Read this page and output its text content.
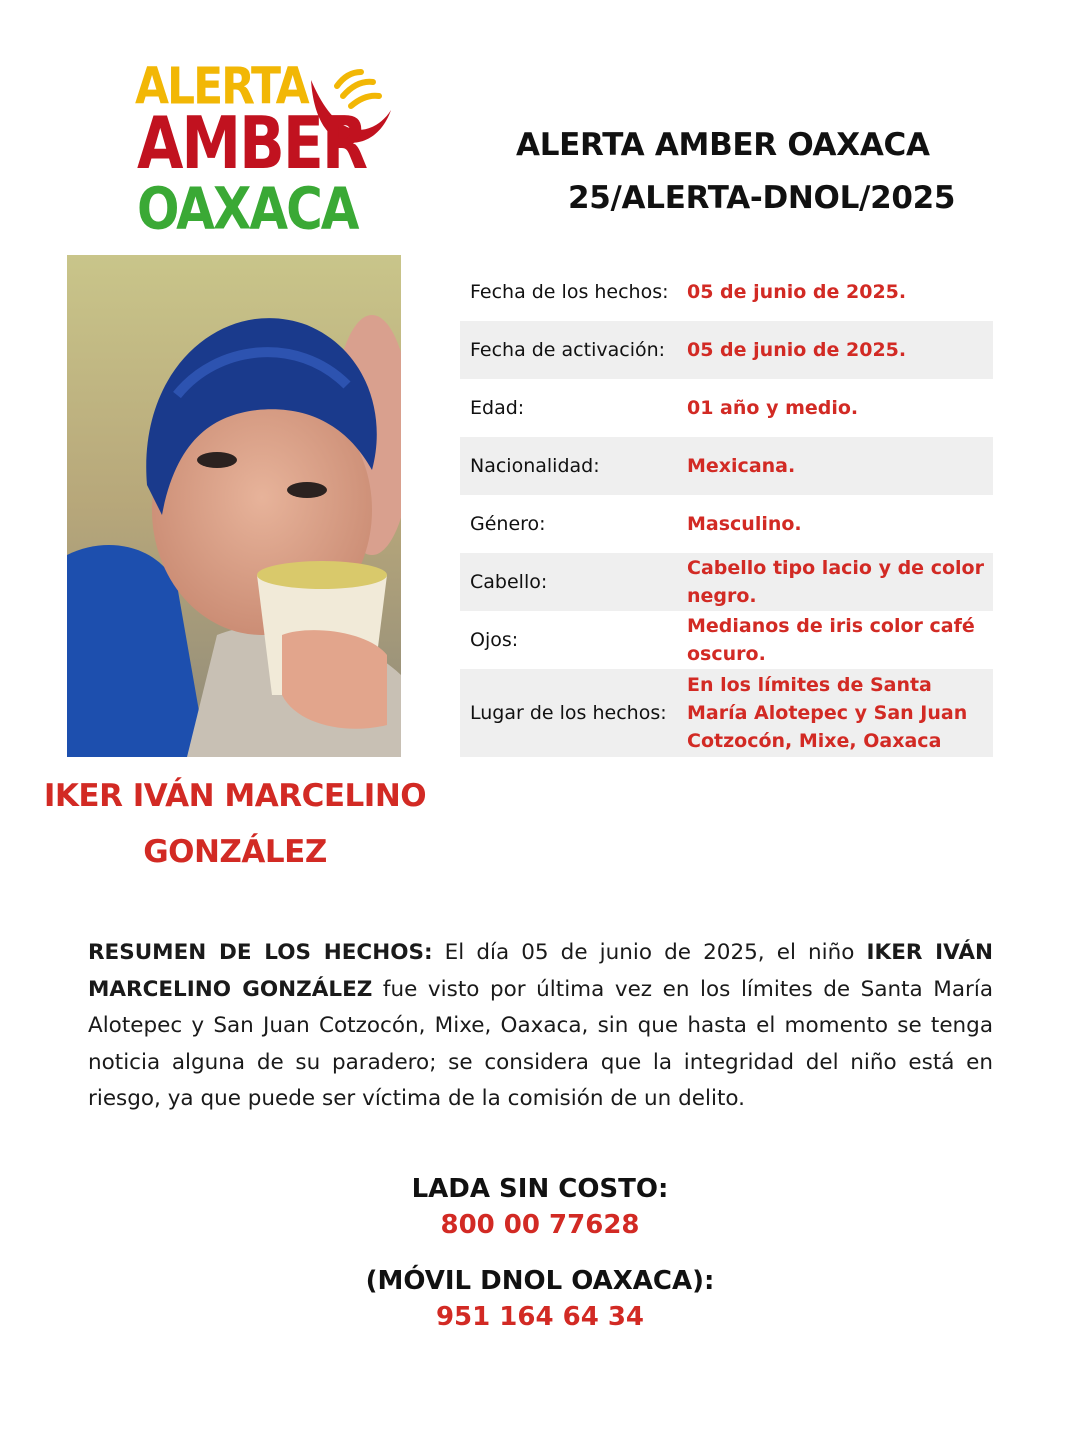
ALERTA
AMBER
OAXACA
ALERTA AMBER OAXACA
25/ALERTA-DNOL/2025
IKER IVÁN MARCELINO
GONZÁLEZ
Fecha de los hechos: 05 de junio de 2025.
Fecha de activación:	05 de junio de 2025.
Edad:	01 año y medio.
Nacionalidad:	Mexicana.
Género:	Masculino.
Cabello:
Cabello tipo lacio y de color negro.
Ojos:
Medianos de iris color café oscuro.
Lugar de los hechos:
En los límites de Santa María Alotepec y San Juan Cotzocón, Mixe, Oaxaca
RESUMEN DE LOS HECHOS: El día 05 de junio de 2025, el niño IKER IVÁN MARCELINO GONZÁLEZ fue visto por última vez en los límites de Santa María Alotepec y San Juan Cotzocón, Mixe, Oaxaca, sin que hasta el momento se tenga noticia alguna de su paradero; se considera que la integridad del niño está en riesgo, ya que puede ser víctima de la comisión de un delito.
LADA SIN COSTO:
800 00 77628
(MÓVIL DNOL OAXACA):
951 164 64 34
